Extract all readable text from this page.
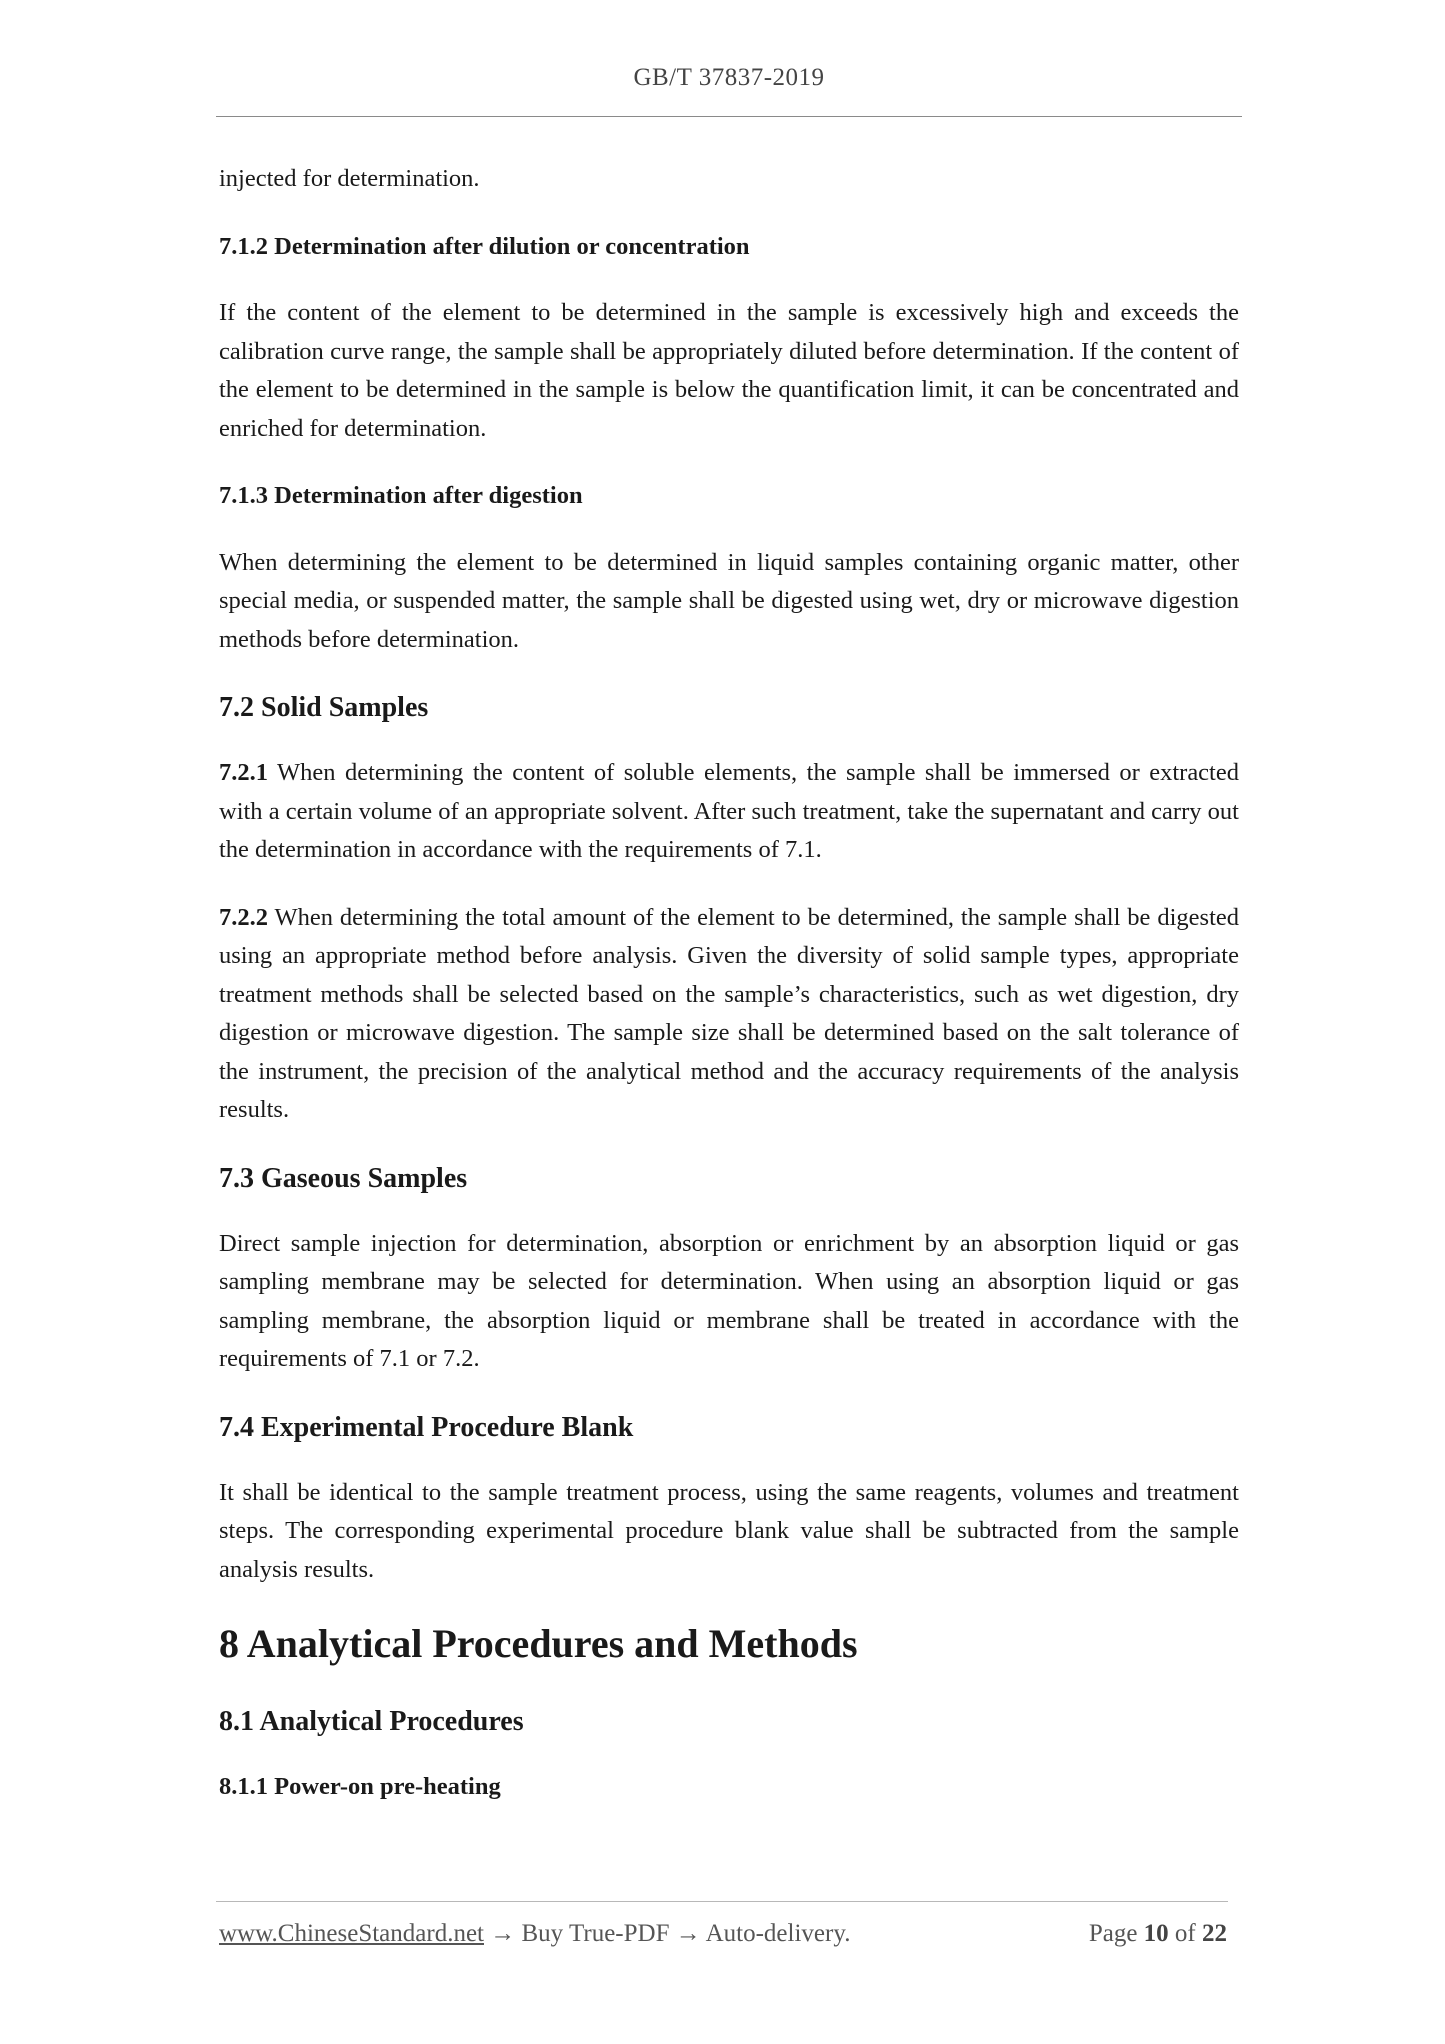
GB/T 37837-2019

injected for determination.

7.1.2 Determination after dilution or concentration

If the content of the element to be determined in the sample is excessively high and exceeds the calibration curve range, the sample shall be appropriately diluted before determination. If the content of the element to be determined in the sample is below the quantification limit, it can be concentrated and enriched for determination.

7.1.3 Determination after digestion

When determining the element to be determined in liquid samples containing organic matter, other special media, or suspended matter, the sample shall be digested using wet, dry or microwave digestion methods before determination.

7.2 Solid Samples

7.2.1 When determining the content of soluble elements, the sample shall be immersed or extracted with a certain volume of an appropriate solvent. After such treatment, take the supernatant and carry out the determination in accordance with the requirements of 7.1.

7.2.2 When determining the total amount of the element to be determined, the sample shall be digested using an appropriate method before analysis. Given the diversity of solid sample types, appropriate treatment methods shall be selected based on the sample’s characteristics, such as wet digestion, dry digestion or microwave digestion. The sample size shall be determined based on the salt tolerance of the instrument, the precision of the analytical method and the accuracy requirements of the analysis results.

7.3 Gaseous Samples

Direct sample injection for determination, absorption or enrichment by an absorption liquid or gas sampling membrane may be selected for determination. When using an absorption liquid or gas sampling membrane, the absorption liquid or membrane shall be treated in accordance with the requirements of 7.1 or 7.2.

7.4 Experimental Procedure Blank

It shall be identical to the sample treatment process, using the same reagents, volumes and treatment steps. The corresponding experimental procedure blank value shall be subtracted from the sample analysis results.

8 Analytical Procedures and Methods
8.1 Analytical Procedures
8.1.1 Power-on pre-heating
www.ChineseStandard.net → Buy True-PDF → Auto-delivery.	Page 10 of 22
